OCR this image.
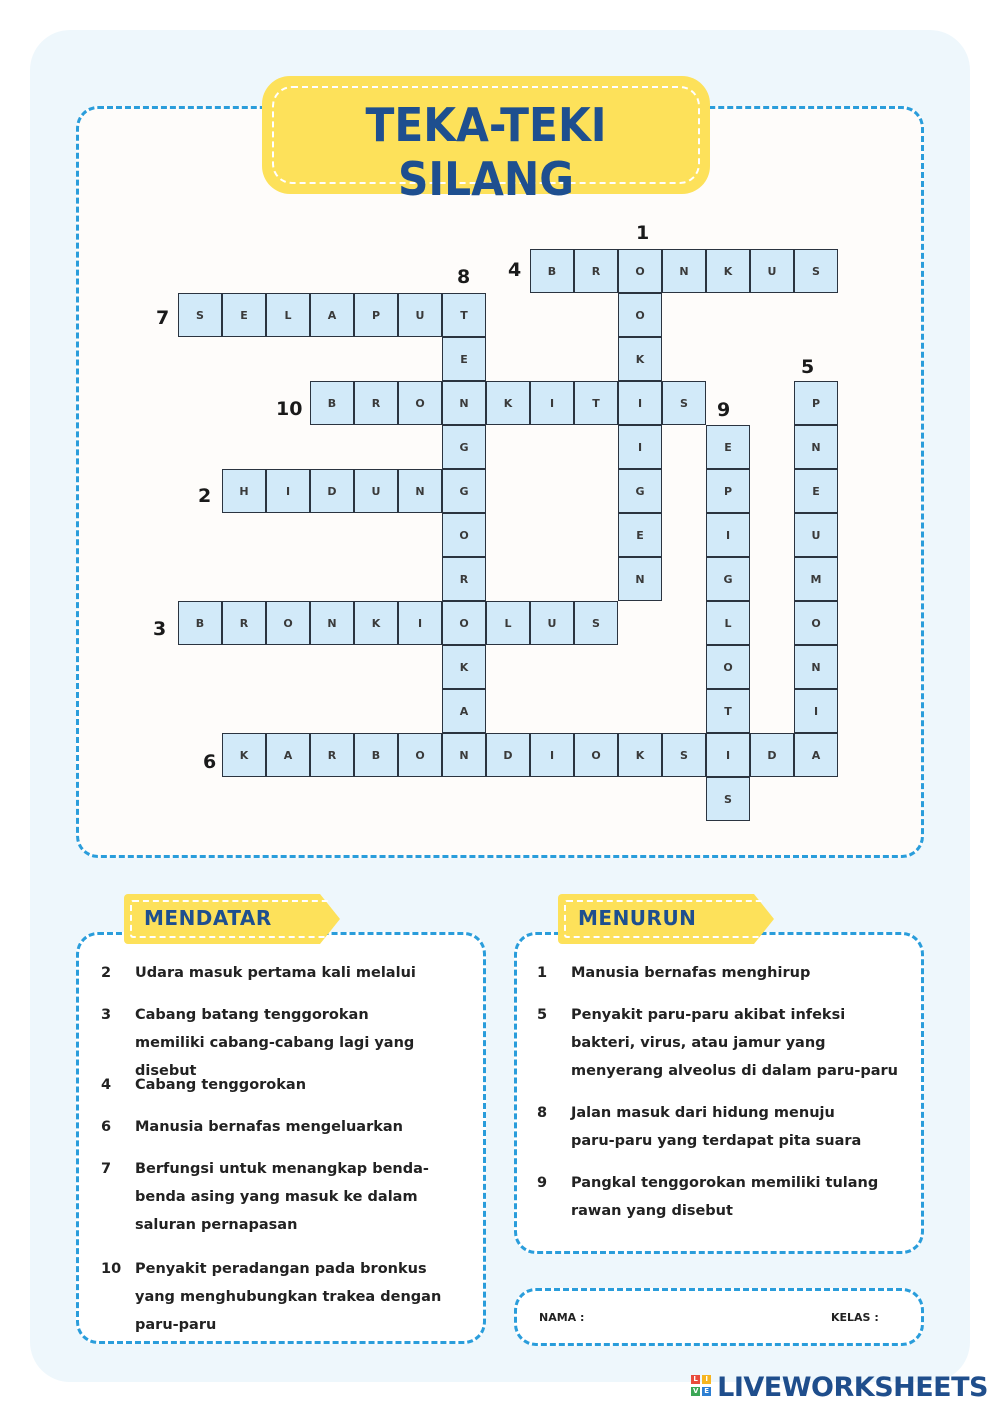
TEKA-TEKI SILANG
B	R	O	N	K	U	S
S	E	L	A	P	U	T
B	R	O	N	K	I	T	I	S
H	I	D	U	N	G
B	R	O	N	K	I	O	L	U	S
K	A	R	B	O	N	D	I	O	K	S	I	D	A
E
G
O
R
K
A
O
K
I
G
E
N
P
N
E
U
M
O
N
I
E
P
I
G
L
O
T
S
1
4
8
7
5
10	9
2
3
6
2	Udara masuk pertama kali melalui
3	Cabang batang tenggorokan memiliki cabang-cabang lagi yang disebut
4	Cabang tenggorokan
6	Manusia bernafas mengeluarkan
7	Berfungsi untuk menangkap benda-benda asing yang masuk ke dalam saluran pernapasan
10 Penyakit peradangan pada bronkus yang menghubungkan trakea dengan paru-paru
MENDATAR
1	Manusia bernafas menghirup
5	Penyakit paru-paru akibat infeksi bakteri, virus, atau jamur yang menyerang alveolus di dalam paru-paru
8	Jalan masuk dari hidung menuju paru-paru yang terdapat pita suara
9	Pangkal tenggorokan memiliki tulang rawan yang disebut
MENURUN
NAMA :	KELAS :
L	I
V E LIVEWORKSHEETS
